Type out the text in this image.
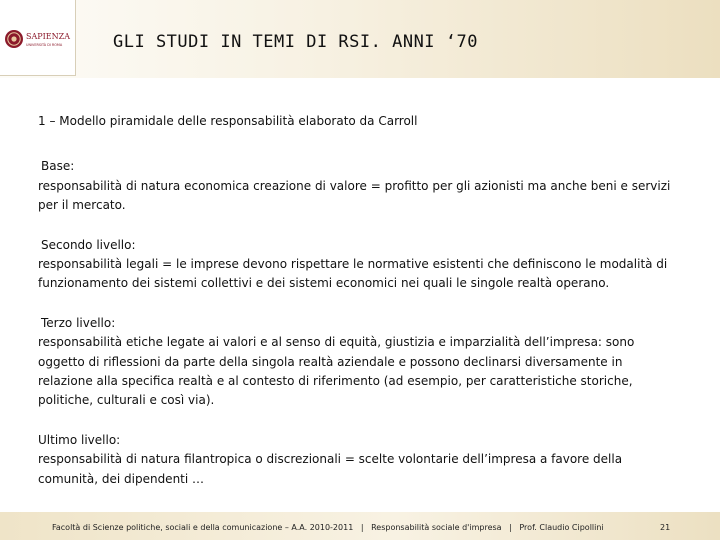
SAPIENZA
UNIVERSITÀ DI ROMA	GLI STUDI IN TEMI DI RSI. ANNI ‘70
1 – Modello piramidale delle responsabilità elaborato da Carroll
Base:
responsabilità di natura economica creazione di valore = profitto per gli azionisti ma anche beni e servizi per il mercato.
Secondo livello:
responsabilità legali = le imprese devono rispettare le normative esistenti che definiscono le modalità di funzionamento dei sistemi collettivi e dei sistemi economici nei quali le singole realtà operano.
Terzo livello:
responsabilità etiche legate ai valori e al senso di equità, giustizia e imparzialità dell’impresa: sono oggetto di riflessioni da parte della singola realtà aziendale e possono declinarsi diversamente in relazione alla specifica realtà e al contesto di riferimento (ad esempio, per caratteristiche storiche, politiche, culturali e così via).
Ultimo livello:
responsabilità di natura filantropica o discrezionali = scelte volontarie dell’impresa a favore della comunità, dei dipendenti …
Facoltà di Scienze politiche, sociali e della comunicazione – A.A. 2010-2011 | Responsabilità sociale d'impresa | Prof. Claudio Cipollini	21
